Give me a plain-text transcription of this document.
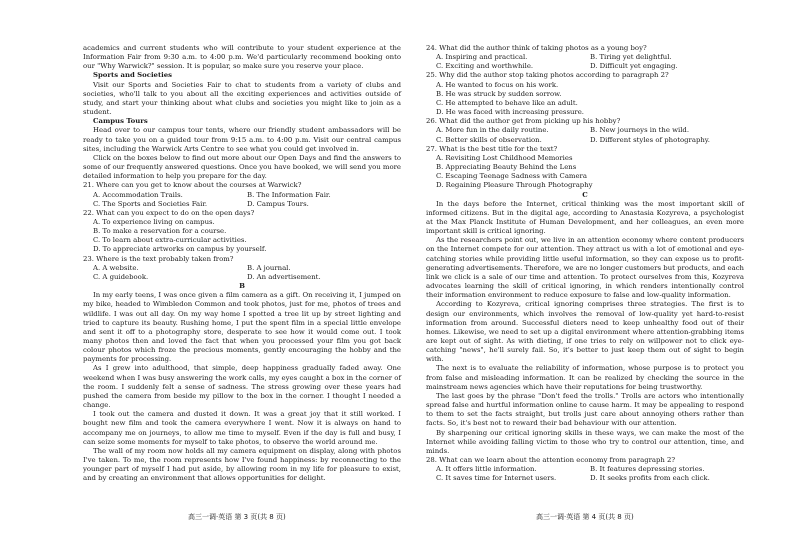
academics and current students who will contribute to your student experience at the Information Fair from 9:30 a.m. to 4:00 p.m. We'd particularly recommend booking onto our "Why Warwick?" session. It is popular, so make sure you reserve your place.

Sports and Societies

Visit our Sports and Societies Fair to chat to students from a variety of clubs and societies, who'll talk to you about all the exciting experiences and activities outside of study, and start your thinking about what clubs and societies you might like to join as a student.

Campus Tours

Head over to our campus tour tents, where our friendly student ambassadors will be ready to take you on a guided tour from 9:15 a.m. to 4:00 p.m. Visit our central campus sites, including the Warwick Arts Centre to see what you could get involved in.

Click on the boxes below to find out more about our Open Days and find the answers to some of our frequently answered questions. Once you have booked, we will send you more detailed information to help you prepare for the day.

21. Where can you get to know about the courses at Warwick?

A. Accommodation Trails.	B. The Information Fair.
C. The Sports and Societies Fair.	D. Campus Tours.

22. What can you expect to do on the open days?

A. To experience living on campus.
B. To make a reservation for a course.
C. To learn about extra-curricular activities.
D. To appreciate artworks on campus by yourself.

23. Where is the text probably taken from?

A. A website.	B. A journal.
C. A guidebook.	D. An advertisement.

B

In my early teens, I was once given a film camera as a gift. On receiving it, I jumped on my bike, headed to Wimbledon Common and took photos, just for me, photos of trees and wildlife. I was out all day. On my way home I spotted a tree lit up by street lighting and tried to capture its beauty. Rushing home, I put the spent film in a special little envelope and sent it off to a photography store, desperate to see how it would come out. I took many photos then and loved the fact that when you processed your film you got back colour photos which froze the precious moments, gently encouraging the hobby and the payments for processing.

As I grew into adulthood, that simple, deep happiness gradually faded away. One weekend when I was busy answering the work calls, my eyes caught a box in the corner of the room. I suddenly felt a sense of sadness. The stress growing over these years had pushed the camera from beside my pillow to the box in the corner. I thought I needed a change.

I took out the camera and dusted it down. It was a great joy that it still worked. I bought new film and took the camera everywhere I went. Now it is always on hand to accompany me on journeys, to allow me time to myself. Even if the day is full and busy, I can seize some moments for myself to take photos, to observe the world around me.

The wall of my room now holds all my camera equipment on display, along with photos I've taken. To me, the room represents how I've found happiness: by reconnecting to the younger part of myself I had put aside, by allowing room in my life for pleasure to exist, and by creating an environment that allows opportunities for delight.

高三一调·英语 第 3 页(共 8 页)

24. What did the author think of taking photos as a young boy?

A. Inspiring and practical.	B. Tiring yet delightful.
C. Exciting and worthwhile.	D. Difficult yet engaging.

25. Why did the author stop taking photos according to paragraph 2?

A. He wanted to focus on his work.
B. He was struck by sudden sorrow.
C. He attempted to behave like an adult.
D. He was faced with increasing pressure.

26. What did the author get from picking up his hobby?

A. More fun in the daily routine.	B. New journeys in the wild.
C. Better skills of observation.	D. Different styles of photography.

27. What is the best title for the text?

A. Revisiting Lost Childhood Memories
B. Appreciating Beauty Behind the Lens
C. Escaping Teenage Sadness with Camera
D. Regaining Pleasure Through Photography

C

In the days before the Internet, critical thinking was the most important skill of informed citizens. But in the digital age, according to Anastasia Kozyreva, a psychologist at the Max Planck Institute of Human Development, and her colleagues, an even more important skill is critical ignoring.

As the researchers point out, we live in an attention economy where content producers on the Internet compete for our attention. They attract us with a lot of emotional and eye-catching stories while providing little useful information, so they can expose us to profit-generating advertisements. Therefore, we are no longer customers but products, and each link we click is a sale of our time and attention. To protect ourselves from this, Kozyreva advocates learning the skill of critical ignoring, in which renders intentionally control their information environment to reduce exposure to false and low-quality information.

According to Kozyreva, critical ignoring comprises three strategies. The first is to design our environments, which involves the removal of low-quality yet hard-to-resist information from around. Successful dieters need to keep unhealthy food out of their homes. Likewise, we need to set up a digital environment where attention-grabbing items are kept out of sight. As with dieting, if one tries to rely on willpower not to click eye-catching "news", he'll surely fail. So, it's better to just keep them out of sight to begin with.

The next is to evaluate the reliability of information, whose purpose is to protect you from false and misleading information. It can be realized by checking the source in the mainstream news agencies which have their reputations for being trustworthy.

The last goes by the phrase "Don't feed the trolls." Trolls are actors who intentionally spread false and hurtful information online to cause harm. It may be appealing to respond to them to set the facts straight, but trolls just care about annoying others rather than facts. So, it's best not to reward their bad behaviour with our attention.

By sharpening our critical ignoring skills in these ways, we can make the most of the Internet while avoiding falling victim to those who try to control our attention, time, and minds.

28. What can we learn about the attention economy from paragraph 2?

A. It offers little information.	B. It features depressing stories.
C. It saves time for Internet users.	D. It seeks profits from each click.
高三一调·英语 第 4 页(共 8 页)
